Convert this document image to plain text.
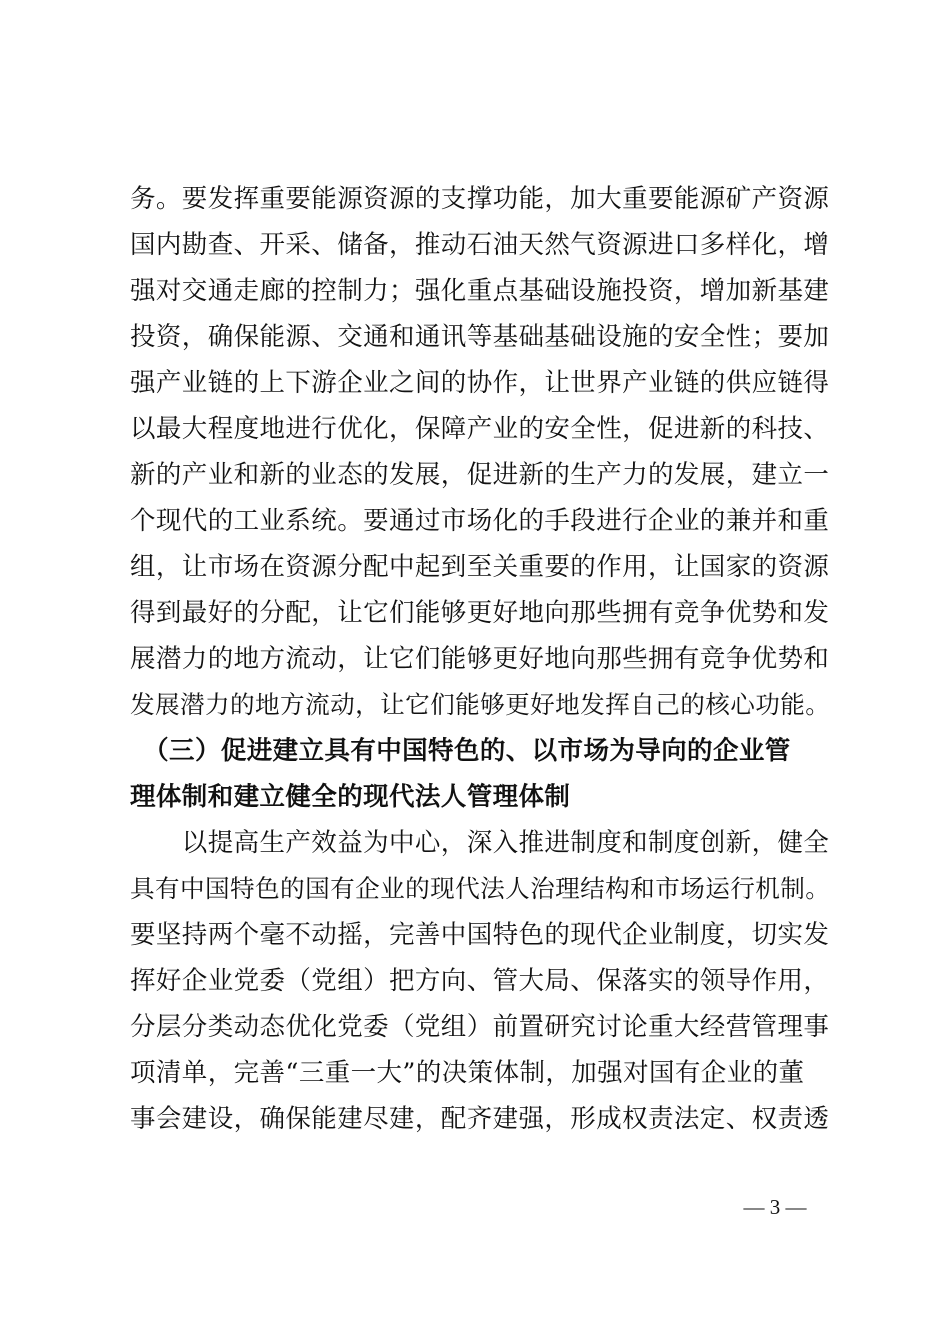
务。要发挥重要能源资源的支撑功能，加大重要能源矿产资源
国内勘查、开采、储备，推动石油天然气资源进口多样化，增
强对交通走廊的控制力；强化重点基础设施投资，增加新基建
投资，确保能源、交通和通讯等基础基础设施的安全性；要加
强产业链的上下游企业之间的协作，让世界产业链的供应链得
以最大程度地进行优化，保障产业的安全性，促进新的科技、
新的产业和新的业态的发展，促进新的生产力的发展，建立一
个现代的工业系统。要通过市场化的手段进行企业的兼并和重
组，让市场在资源分配中起到至关重要的作用，让国家的资源
得到最好的分配，让它们能够更好地向那些拥有竞争优势和发
展潜力的地方流动，让它们能够更好地向那些拥有竞争优势和
发展潜力的地方流动，让它们能够更好地发挥自己的核心功能。
　（三）促进建立具有中国特色的、以市场为导向的企业管
理体制和建立健全的现代法人管理体制
　　以提高生产效益为中心，深入推进制度和制度创新，健全
具有中国特色的国有企业的现代法人治理结构和市场运行机制。
要坚持两个毫不动摇，完善中国特色的现代企业制度，切实发
挥好企业党委（党组）把方向、管大局、保落实的领导作用，
分层分类动态优化党委（党组）前置研究讨论重大经营管理事
项清单，完善“三重一大”的决策体制，加强对国有企业的董
事会建设，确保能建尽建，配齐建强，形成权责法定、权责透
— 3 —
